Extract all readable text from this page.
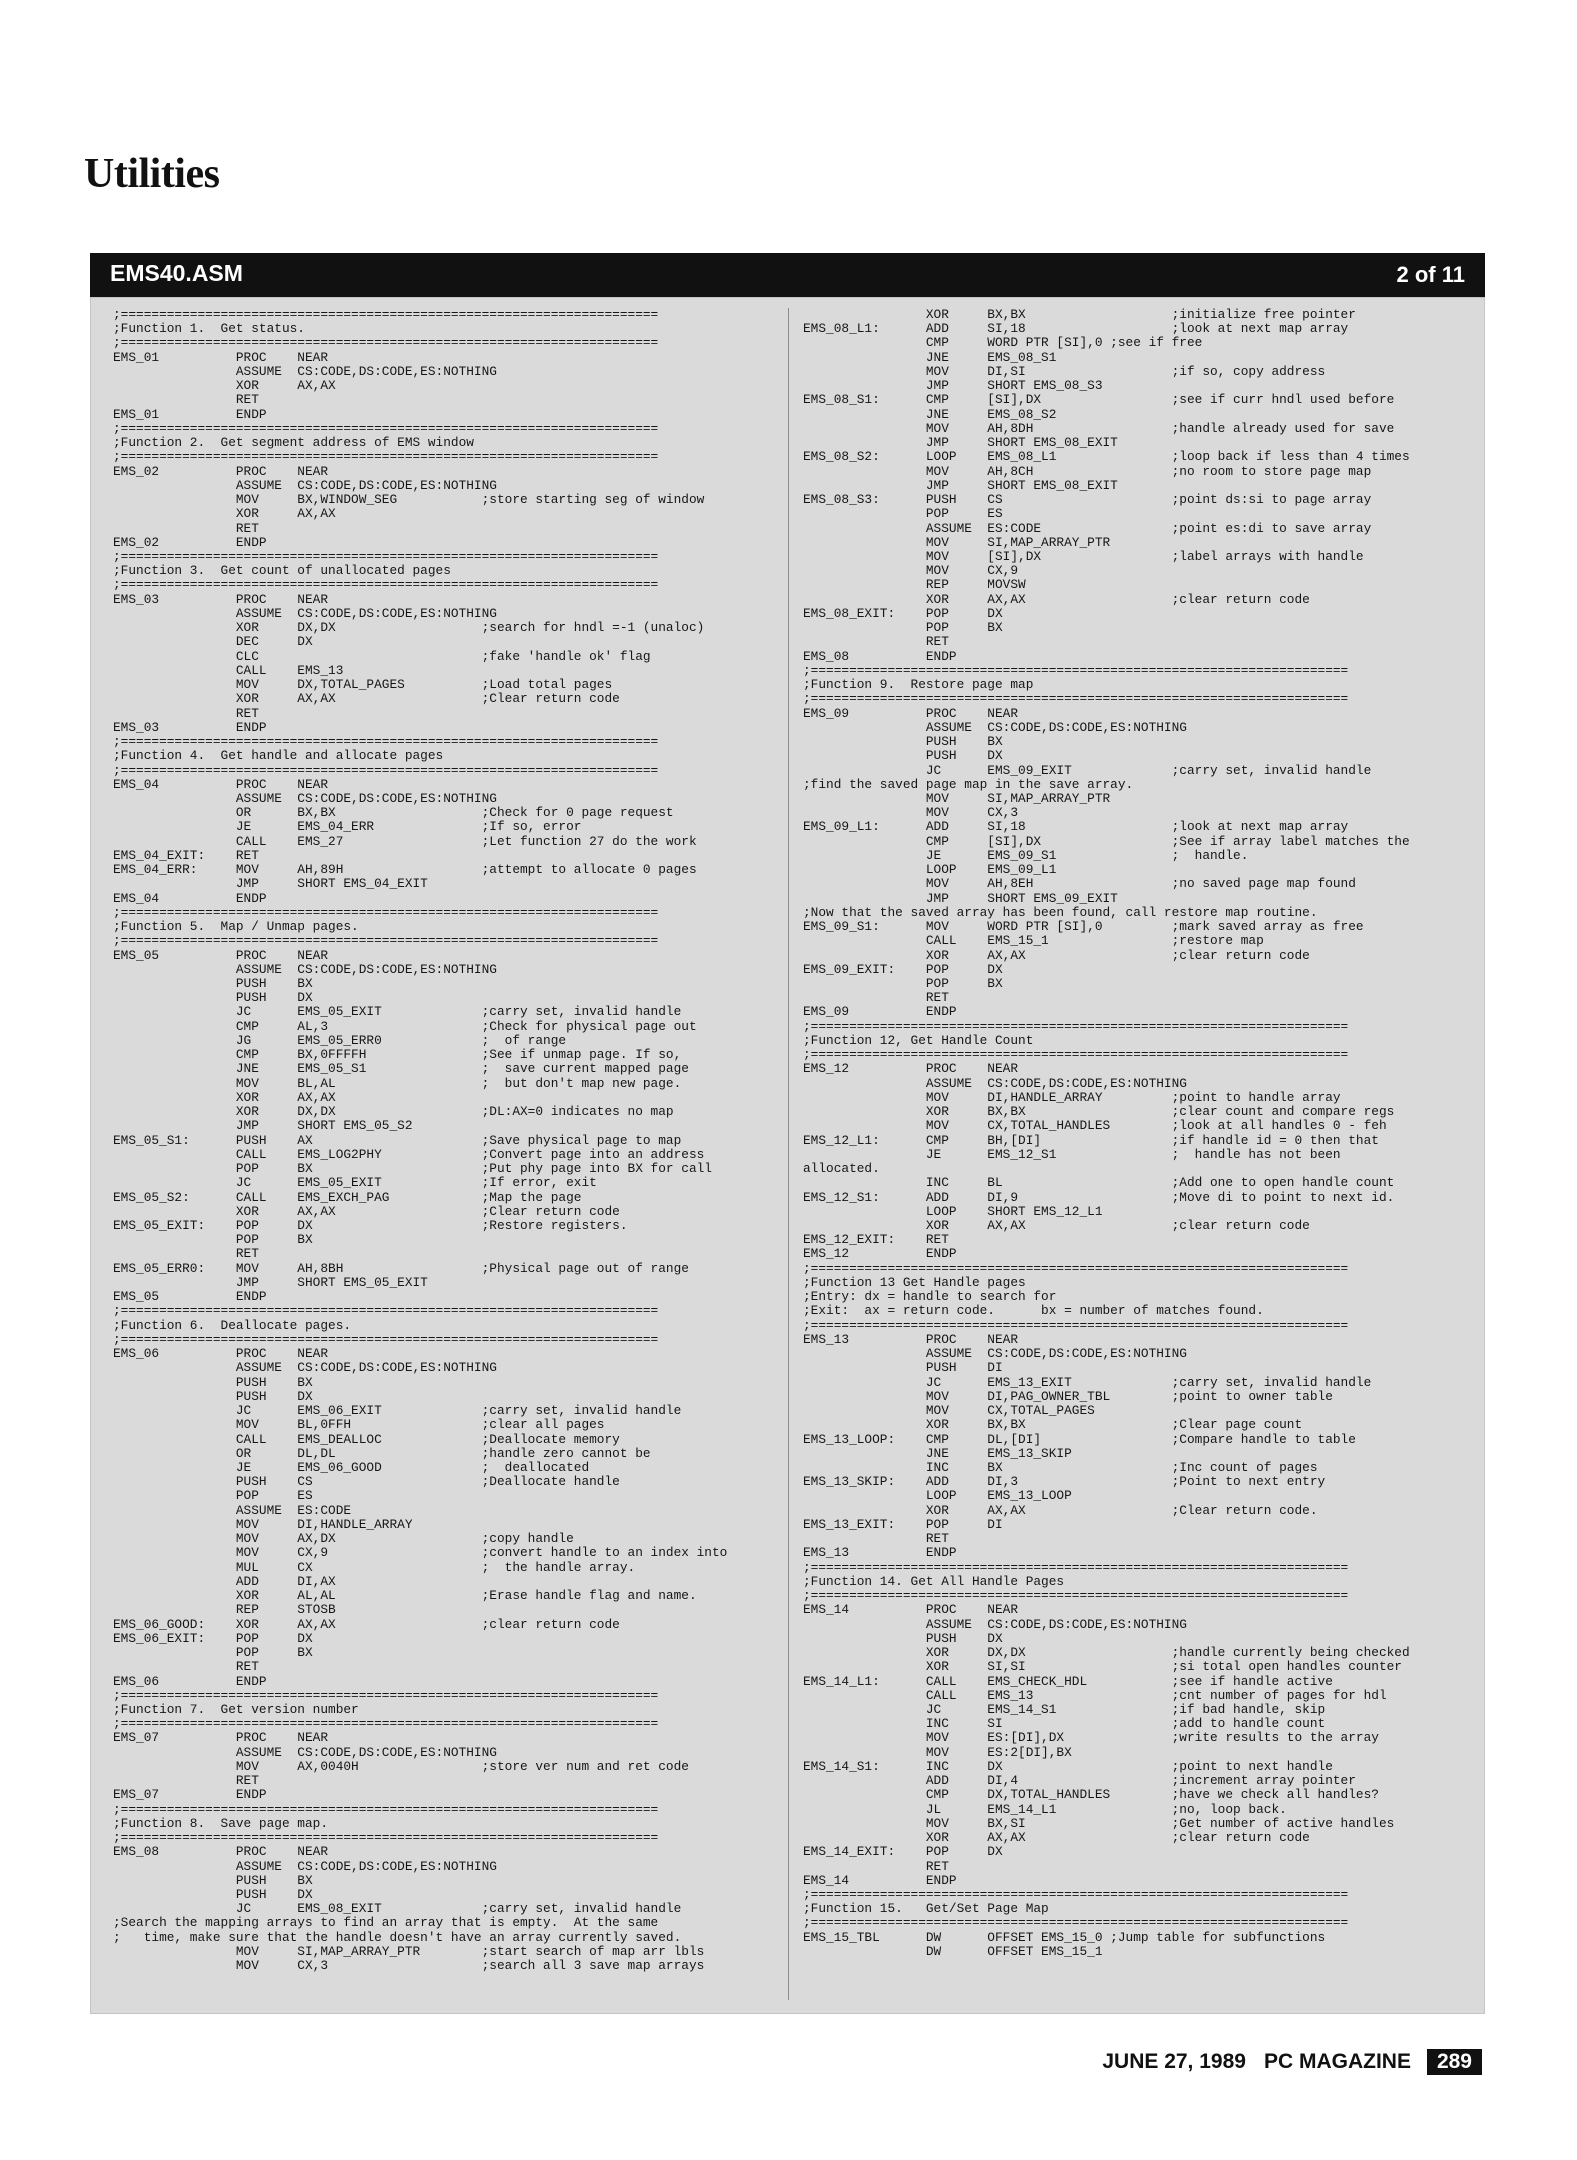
Utilities
EMS40.ASM	2 of 11
;======================================================================
;Function 1.  Get status.
;======================================================================
EMS_01          PROC    NEAR
ASSUME  CS:CODE,DS:CODE,ES:NOTHING
XOR     AX,AX
RET
EMS_01          ENDP
;======================================================================
;Function 2.  Get segment address of EMS window
;======================================================================
EMS_02          PROC    NEAR
ASSUME  CS:CODE,DS:CODE,ES:NOTHING
MOV     BX,WINDOW_SEG           ;store starting seg of window
XOR     AX,AX
RET
EMS_02          ENDP
;======================================================================
;Function 3.  Get count of unallocated pages
;======================================================================
EMS_03          PROC    NEAR
ASSUME  CS:CODE,DS:CODE,ES:NOTHING
XOR     DX,DX                   ;search for hndl =-1 (unaloc)
DEC     DX
CLC                             ;fake 'handle ok' flag
CALL    EMS_13
MOV     DX,TOTAL_PAGES          ;Load total pages
XOR     AX,AX                   ;Clear return code
RET
EMS_03          ENDP
;======================================================================
;Function 4.  Get handle and allocate pages
;======================================================================
EMS_04          PROC    NEAR
ASSUME  CS:CODE,DS:CODE,ES:NOTHING
OR      BX,BX                   ;Check for 0 page request
JE      EMS_04_ERR              ;If so, error
CALL    EMS_27                  ;Let function 27 do the work
EMS_04_EXIT:    RET
EMS_04_ERR:     MOV     AH,89H                  ;attempt to allocate 0 pages
JMP     SHORT EMS_04_EXIT
EMS_04          ENDP
;======================================================================
;Function 5.  Map / Unmap pages.
;======================================================================
EMS_05          PROC    NEAR
ASSUME  CS:CODE,DS:CODE,ES:NOTHING
PUSH    BX
PUSH    DX
JC      EMS_05_EXIT             ;carry set, invalid handle
CMP     AL,3                    ;Check for physical page out
JG      EMS_05_ERR0             ;  of range
CMP     BX,0FFFFH               ;See if unmap page. If so,
JNE     EMS_05_S1               ;  save current mapped page
MOV     BL,AL                   ;  but don't map new page.
XOR     AX,AX
XOR     DX,DX                   ;DL:AX=0 indicates no map
JMP     SHORT EMS_05_S2
EMS_05_S1:      PUSH    AX                      ;Save physical page to map
CALL    EMS_LOG2PHY             ;Convert page into an address
POP     BX                      ;Put phy page into BX for call
JC      EMS_05_EXIT             ;If error, exit
EMS_05_S2:      CALL    EMS_EXCH_PAG            ;Map the page
XOR     AX,AX                   ;Clear return code
EMS_05_EXIT:    POP     DX                      ;Restore registers.
POP     BX
RET
EMS_05_ERR0:    MOV     AH,8BH                  ;Physical page out of range
JMP     SHORT EMS_05_EXIT
EMS_05          ENDP
;======================================================================
;Function 6.  Deallocate pages.
;======================================================================
EMS_06          PROC    NEAR
ASSUME  CS:CODE,DS:CODE,ES:NOTHING
PUSH    BX
PUSH    DX
JC      EMS_06_EXIT             ;carry set, invalid handle
MOV     BL,0FFH                 ;clear all pages
CALL    EMS_DEALLOC             ;Deallocate memory
OR      DL,DL                   ;handle zero cannot be
JE      EMS_06_GOOD             ;  deallocated
PUSH    CS                      ;Deallocate handle
POP     ES
ASSUME  ES:CODE
MOV     DI,HANDLE_ARRAY
MOV     AX,DX                   ;copy handle
MOV     CX,9                    ;convert handle to an index into
MUL     CX                      ;  the handle array.
ADD     DI,AX
XOR     AL,AL                   ;Erase handle flag and name.
REP     STOSB
EMS_06_GOOD:    XOR     AX,AX                   ;clear return code
EMS_06_EXIT:    POP     DX
POP     BX
RET
EMS_06          ENDP
;======================================================================
;Function 7.  Get version number
;======================================================================
EMS_07          PROC    NEAR
ASSUME  CS:CODE,DS:CODE,ES:NOTHING
MOV     AX,0040H                ;store ver num and ret code
RET
EMS_07          ENDP
;======================================================================
;Function 8.  Save page map.
;======================================================================
EMS_08          PROC    NEAR
ASSUME  CS:CODE,DS:CODE,ES:NOTHING
PUSH    BX
PUSH    DX
JC      EMS_08_EXIT             ;carry set, invalid handle
;Search the mapping arrays to find an array that is empty.  At the same
;   time, make sure that the handle doesn't have an array currently saved.
MOV     SI,MAP_ARRAY_PTR        ;start search of map arr lbls
MOV     CX,3                    ;search all 3 save map arrays
XOR     BX,BX                   ;initialize free pointer
EMS_08_L1:      ADD     SI,18                   ;look at next map array
CMP     WORD PTR [SI],0 ;see if free
JNE     EMS_08_S1
MOV     DI,SI                   ;if so, copy address
JMP     SHORT EMS_08_S3
EMS_08_S1:      CMP     [SI],DX                 ;see if curr hndl used before
JNE     EMS_08_S2
MOV     AH,8DH                  ;handle already used for save
JMP     SHORT EMS_08_EXIT
EMS_08_S2:      LOOP    EMS_08_L1               ;loop back if less than 4 times
MOV     AH,8CH                  ;no room to store page map
JMP     SHORT EMS_08_EXIT
EMS_08_S3:      PUSH    CS                      ;point ds:si to page array
POP     ES
ASSUME  ES:CODE                 ;point es:di to save array
MOV     SI,MAP_ARRAY_PTR
MOV     [SI],DX                 ;label arrays with handle
MOV     CX,9
REP     MOVSW
XOR     AX,AX                   ;clear return code
EMS_08_EXIT:    POP     DX
POP     BX
RET
EMS_08          ENDP
;======================================================================
;Function 9.  Restore page map
;======================================================================
EMS_09          PROC    NEAR
ASSUME  CS:CODE,DS:CODE,ES:NOTHING
PUSH    BX
PUSH    DX
JC      EMS_09_EXIT             ;carry set, invalid handle
;find the saved page map in the save array.
MOV     SI,MAP_ARRAY_PTR
MOV     CX,3
EMS_09_L1:      ADD     SI,18                   ;look at next map array
CMP     [SI],DX                 ;See if array label matches the
JE      EMS_09_S1               ;  handle.
LOOP    EMS_09_L1
MOV     AH,8EH                  ;no saved page map found
JMP     SHORT EMS_09_EXIT
;Now that the saved array has been found, call restore map routine.
EMS_09_S1:      MOV     WORD PTR [SI],0         ;mark saved array as free
CALL    EMS_15_1                ;restore map
XOR     AX,AX                   ;clear return code
EMS_09_EXIT:    POP     DX
POP     BX
RET
EMS_09          ENDP
;======================================================================
;Function 12, Get Handle Count
;======================================================================
EMS_12          PROC    NEAR
ASSUME  CS:CODE,DS:CODE,ES:NOTHING
MOV     DI,HANDLE_ARRAY         ;point to handle array
XOR     BX,BX                   ;clear count and compare regs
MOV     CX,TOTAL_HANDLES        ;look at all handles 0 - feh
EMS_12_L1:      CMP     BH,[DI]                 ;if handle id = 0 then that
JE      EMS_12_S1               ;  handle has not been
allocated.
INC     BL                      ;Add one to open handle count
EMS_12_S1:      ADD     DI,9                    ;Move di to point to next id.
LOOP    SHORT EMS_12_L1
XOR     AX,AX                   ;clear return code
EMS_12_EXIT:    RET
EMS_12          ENDP
;======================================================================
;Function 13 Get Handle pages
;Entry: dx = handle to search for
;Exit:  ax = return code.      bx = number of matches found.
;======================================================================
EMS_13          PROC    NEAR
ASSUME  CS:CODE,DS:CODE,ES:NOTHING
PUSH    DI
JC      EMS_13_EXIT             ;carry set, invalid handle
MOV     DI,PAG_OWNER_TBL        ;point to owner table
MOV     CX,TOTAL_PAGES
XOR     BX,BX                   ;Clear page count
EMS_13_LOOP:    CMP     DL,[DI]                 ;Compare handle to table
JNE     EMS_13_SKIP
INC     BX                      ;Inc count of pages
EMS_13_SKIP:    ADD     DI,3                    ;Point to next entry
LOOP    EMS_13_LOOP
XOR     AX,AX                   ;Clear return code.
EMS_13_EXIT:    POP     DI
RET
EMS_13          ENDP
;======================================================================
;Function 14. Get All Handle Pages
;======================================================================
EMS_14          PROC    NEAR
ASSUME  CS:CODE,DS:CODE,ES:NOTHING
PUSH    DX
XOR     DX,DX                   ;handle currently being checked
XOR     SI,SI                   ;si total open handles counter
EMS_14_L1:      CALL    EMS_CHECK_HDL           ;see if handle active
CALL    EMS_13                  ;cnt number of pages for hdl
JC      EMS_14_S1               ;if bad handle, skip
INC     SI                      ;add to handle count
MOV     ES:[DI],DX              ;write results to the array
MOV     ES:2[DI],BX
EMS_14_S1:      INC     DX                      ;point to next handle
ADD     DI,4                    ;increment array pointer
CMP     DX,TOTAL_HANDLES        ;have we check all handles?
JL      EMS_14_L1               ;no, loop back.
MOV     BX,SI                   ;Get number of active handles
XOR     AX,AX                   ;clear return code
EMS_14_EXIT:    POP     DX
RET
EMS_14          ENDP
;======================================================================
;Function 15.   Get/Set Page Map
;======================================================================
EMS_15_TBL      DW      OFFSET EMS_15_0 ;Jump table for subfunctions
DW      OFFSET EMS_15_1
JUNE 27, 1989 PC MAGAZINE	289
